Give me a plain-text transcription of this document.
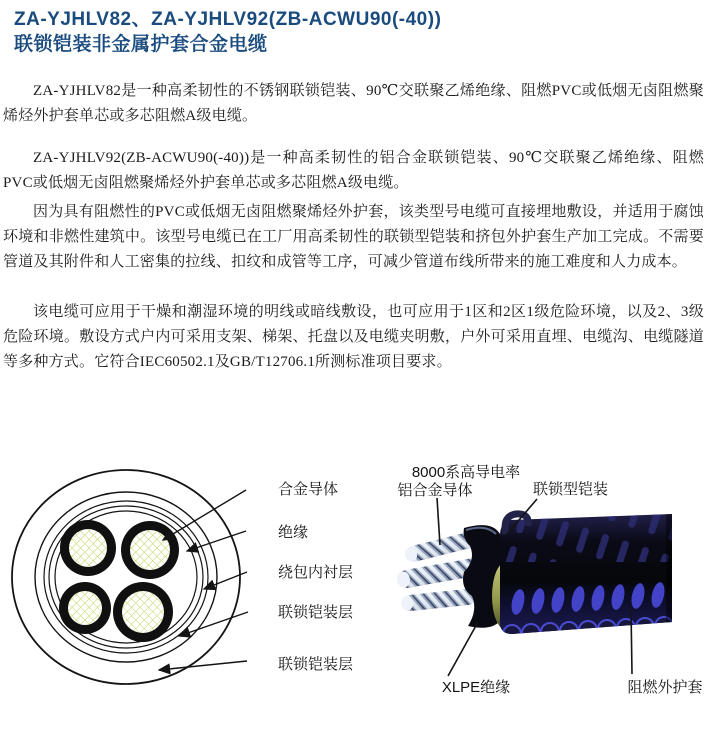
ZA-YJHLV82、ZA-YJHLV92(ZB-ACWU90(-40))
联锁铠装非金属护套合金电缆

ZA-YJHLV82是一种高柔韧性的不锈钢联锁铠装、90℃交联聚乙烯绝缘、阻燃PVC或低烟无卤阻燃聚烯烃外护套单芯或多芯阻燃A级电缆。

ZA-YJHLV92(ZB-ACWU90(-40))是一种高柔韧性的铝合金联锁铠装、90℃交联聚乙烯绝缘、阻燃PVC或低烟无卤阻燃聚烯烃外护套单芯或多芯阻燃A级电缆。

因为具有阻燃性的PVC或低烟无卤阻燃聚烯烃外护套，该类型号电缆可直接埋地敷设，并适用于腐蚀环境和非燃性建筑中。该型号电缆已在工厂用高柔韧性的联锁型铠装和挤包外护套生产加工完成。不需要管道及其附件和人工密集的拉线、扣纹和成管等工序，可减少管道布线所带来的施工难度和人力成本。

该电缆可应用于干燥和潮湿环境的明线或暗线敷设，也可应用于1区和2区1级危险环境，以及2、3级危险环境。敷设方式户内可采用支架、梯架、托盘以及电缆夹明敷，户外可采用直埋、电缆沟、电缆隧道等多种方式。它符合IEC60502.1及GB/T12706.1所测标准项目要求。

合金导体
绝缘
绕包内衬层
联锁铠装层
联锁铠装层
8000系高导电率
铝合金导体	联锁型铠装
XLPE绝缘	阻燃外护套
